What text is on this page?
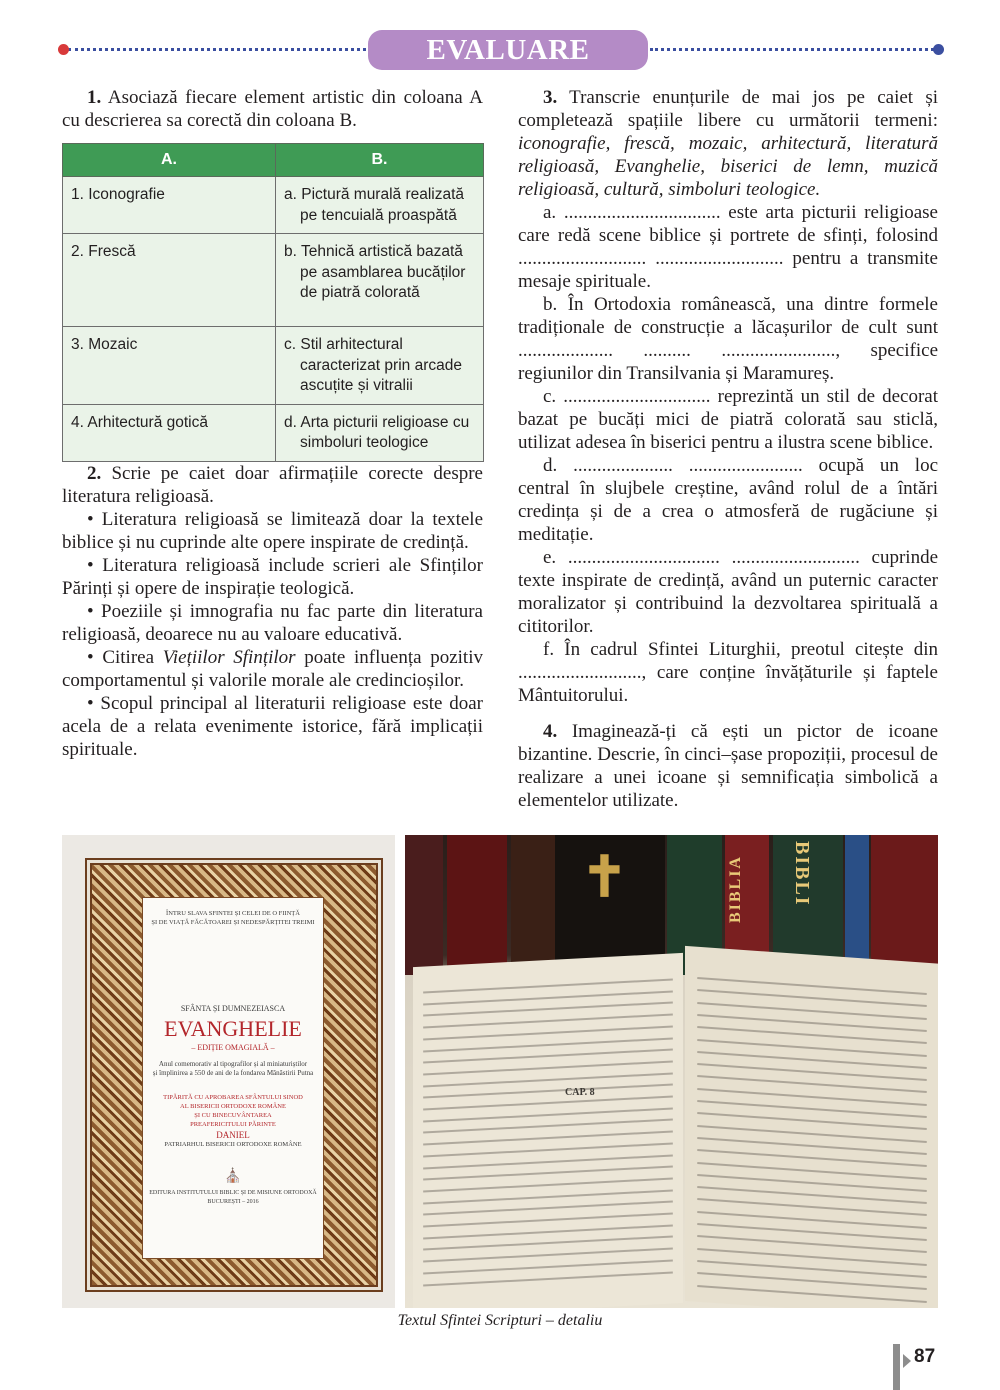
EVALUARE

1. Asociază fiecare element artistic din coloana A cu descrierea sa corectă din coloana B.

A.	B.
1. Iconografie	a. Pictură murală realizată pe tencuială proaspătă
2. Frescă	b. Tehnică artistică bazată pe asamblarea bucăților de piatră colorată
3. Mozaic	c. Stil arhitectural caracterizat prin arcade ascuțite și vitralii
4. Arhitectură gotică	d. Arta picturii religioase cu simboluri teologice

2. Scrie pe caiet doar afirmațiile corecte despre literatura religioasă.

• Literatura religioasă se limitează doar la textele biblice și nu cuprinde alte opere inspirate de credință.

• Literatura religioasă include scrieri ale Sfinților Părinți și opere de inspirație teologică.

• Poeziile și imnografia nu fac parte din literatura religioasă, deoarece nu au valoare educativă.

• Citirea Viețiilor Sfinților poate influența pozitiv comportamentul și valorile morale ale credincioșilor.

• Scopul principal al literaturii religioase este doar acela de a relata evenimente istorice, fără implicații spirituale.

3. Transcrie enunțurile de mai jos pe caiet și completează spațiile libere cu următorii termeni: iconografie, frescă, mozaic, arhitectură, literatură religioasă, Evanghelie, biserici de lemn, muzică religioasă, cultură, simboluri teologice.

a. ................................. este arta picturii religioase care redă scene biblice și portrete de sfinți, folosind ........................... ........................... pentru a transmite mesaje spirituale.

b. În Ortodoxia românească, una dintre formele tradiționale de construcție a lăcașurilor de cult sunt .................... .......... ........................, specifice regiunilor din Transilvania și Maramureș.

c. ............................... reprezintă un stil de decorat bazat pe bucăți mici de piatră colorată sau sticlă, utilizat adesea în biserici pentru a ilustra scene biblice.

d. ..................... ........................ ocupă un loc central în slujbele creștine, având rolul de a întări credința și de a crea o atmosferă de rugăciune și meditație.

e. ................................ ........................... cuprinde texte inspirate de credință, având un puternic caracter moralizator și contribuind la dezvoltarea spirituală a cititorilor.

f. În cadrul Sfintei Liturghii, preotul citește din .........................., care conține învățăturile și faptele Mântuitorului.

4. Imaginează-ți că ești un pictor de icoane bizantine. Descrie, în cinci–șase propoziții, procesul de realizare a unei icoane și semnificația simbolică a elementelor utilizate.

ÎNTRU SLAVA SFINTEI ȘI CELEI DE O FIINȚĂ
ȘI DE VIAȚĂ FĂCĂTOAREI ȘI NEDESPĂRȚITEI TREIMI
SFÂNTA ȘI DUMNEZEIASCA
EVANGHELIE
– EDIȚIE OMAGIALĂ –
Anul comemorativ al tipografilor și al miniaturiștilor
și împlinirea a 550 de ani de la fondarea Mănăstirii Putna
TIPĂRITĂ CU APROBAREA SFÂNTULUI SINOD
AL BISERICII ORTODOXE ROMÂNE
ȘI CU BINECUVÂNTAREA
PREAFERICITULUI PĂRINTE
DANIEL
PATRIARHUL BISERICII ORTODOXE ROMÂNE
⛪
EDITURA INSTITUTULUI BIBLIC ȘI DE MISIUNE ORTODOXĂ
BUCUREȘTI – 2016
BIBLIA BIBLI
✝
CAP. 8
Textul Sfintei Scripturi – detaliu
87
